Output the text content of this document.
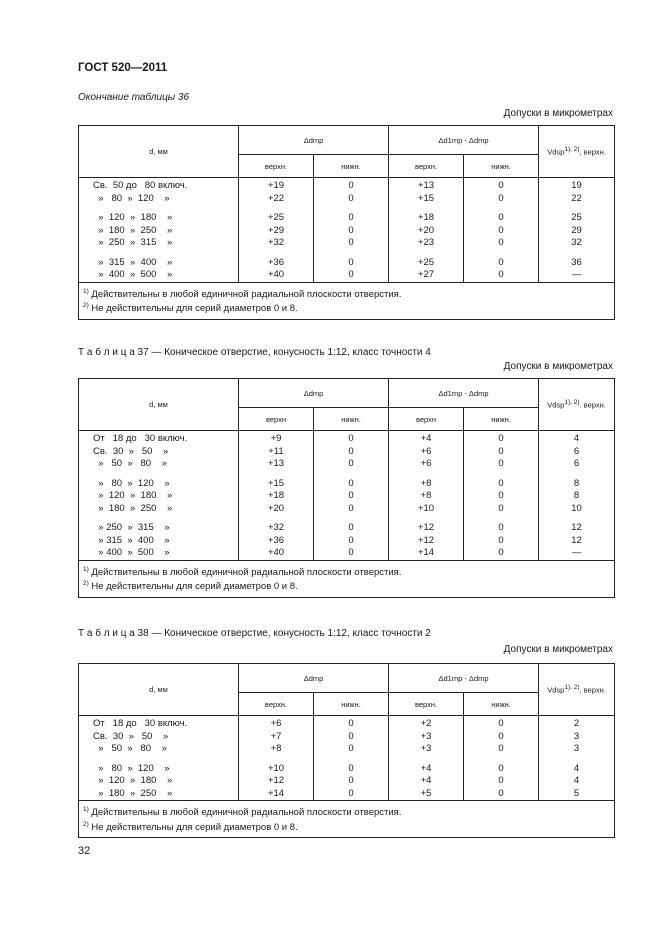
ГОСТ 520—2011
Окончание таблицы 36
Допуски в микрометрах
d, мм	Δdmp		Δd1mp - Δdmp		Vdsp$^{1), 2)}$, верхн.
	верхн.	нижн.	верхн.	нижн.	
Св.  50 до   80 включ.	+19	0	+13	0	19
»   80  »  120    »	+22	0	+15	0	22

»  120  »  180    »	+25	0	+18	0	25
»  180  »  250    »	+29	0	+20	0	29
»  250  »  315    »	+32	0	+23	0	32

»  315  »  400    »	+36	0	+25	0	36
»  400  »  500    »	+40	0	+27	0	—

$^{1)}$ Действительны в любой единичной радиальной плоскости отверстия.
$^{2)}$ Не действительны для серий диаметров 0 и 8.					
Т а б л и ц а 37 — Коническое отверстие, конусность 1:12, класс точности 4
Допуски в микрометрах
d, мм	Δdmp		Δd1mp - Δdmp		Vdsp$^{1), 2)}$. верхн.
	верхн	нижн.	верхн	нижн.	
От   18 до   30 включ.	+9	0	+4	0	4
Св.  30  »   50    »	+11	0	+6	0	6
»   50  »   80    »	+13	0	+6	0	6

»   80  »  120    »	+15	0	+8	0	8
»  120  »  180    »	+18	0	+8	0	8
»  180  »  250    »	+20	0	+10	0	10

» 250  »  315    »	+32	0	+12	0	12
» 315  »  400    »	+36	0	+12	0	12
» 400  »  500    »	+40	0	+14	0	—

$^{1)}$ Действительны в любой единичной радиальной плоскости отверстия.
$^{2)}$ Не действительны для серий диаметров 0 и 8.					
Т а б л и ц а 38 — Коническое отверстие, конусность 1:12, класс точности 2
Допуски в микрометрах
d, мм	Δdmp		Δd1mp - Δdmp		Vdsp$^{1), 2)}$, верхн.
	верхн.	нижн.	верхн.	нижн.	
От   18 до   30 включ.	+6	0	+2	0	2
Св.  30  »   50    »	+7	0	+3	0	3
»   50  »   80    »	+8	0	+3	0	3

»   80  »  120    »	+10	0	+4	0	4
»  120  »  180    »	+12	0	+4	0	4
»  180  »  250    »	+14	0	+5	0	5

$^{1)}$ Действительны в любой единичной радиальной плоскости отверстия.
$^{2)}$ Не действительны для серий диаметров 0 и 8.					
32
